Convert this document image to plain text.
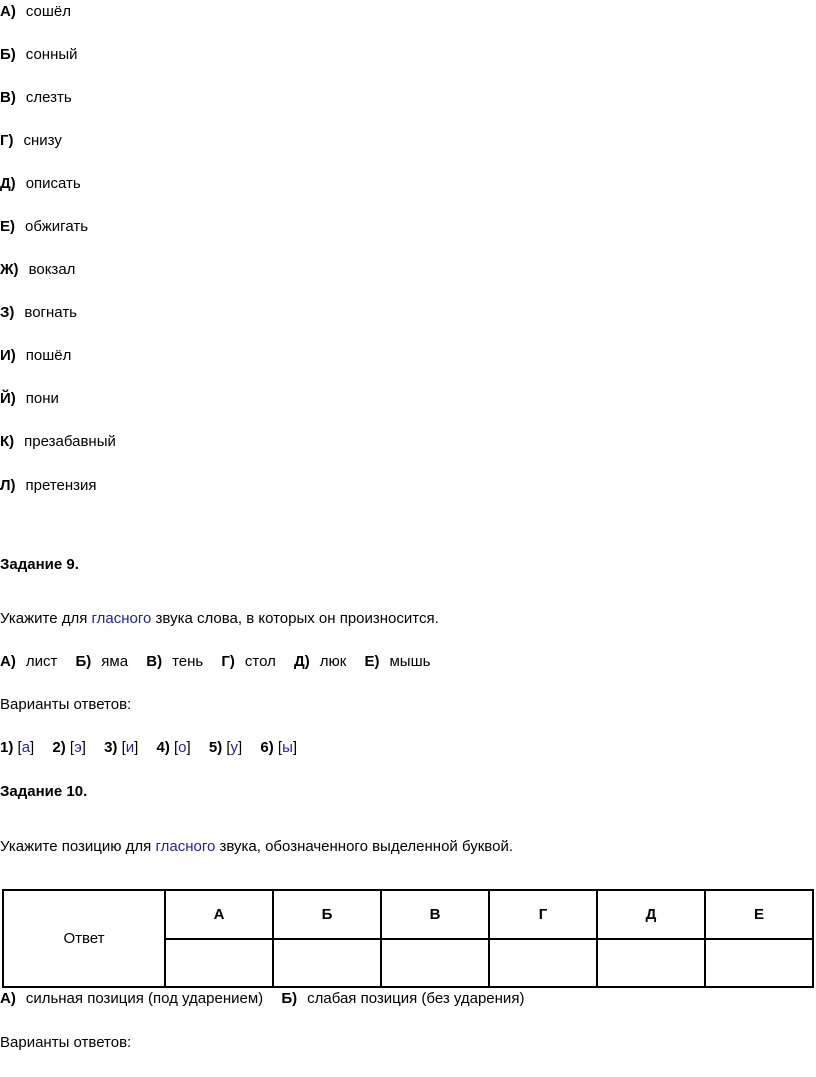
А) сошёл
Б) сонный
В) слезть
Г) снизу
Д) описать
Е) обжигать
Ж) вокзал
З) вогнать
И) пошёл
Й) пони
К) презабавный
Л) претензия
Задание 9.
Укажите для гласного звука слова, в которых он произносится.
А) лист Б) яма В) тень Г) стол Д) люк Е) мышь
Варианты ответов:
1) [а] 2) [э] 3) [и] 4) [о] 5) [у] 6) [ы]
Задание 10.
Укажите позицию для гласного звука, обозначенного выделенной буквой.
Ответ	А	Б	В	Г	Д	Е

А) сильная позиция (под ударением) Б) слабая позиция (без ударения)
Варианты ответов:
